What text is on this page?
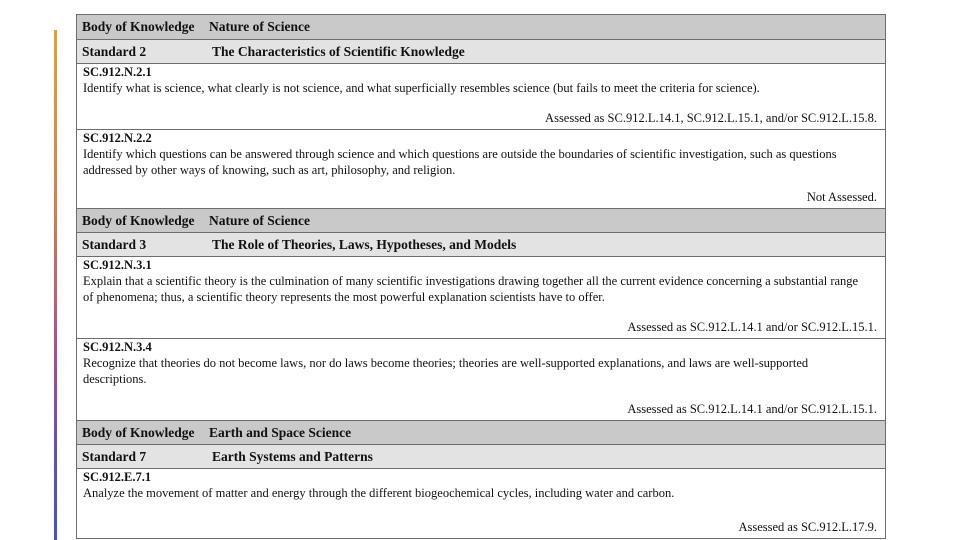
Body of Knowledge Nature of Science
Standard 2	The Characteristics of Scientific Knowledge
SC.912.N.2.1
Identify what is science, what clearly is not science, and what superficially resembles science (but fails to meet the criteria for science).
Assessed as SC.912.L.14.1, SC.912.L.15.1, and/or SC.912.L.15.8.
SC.912.N.2.2
Identify which questions can be answered through science and which questions are outside the boundaries of scientific investigation, such as questions addressed by other ways of knowing, such as art, philosophy, and religion.
Not Assessed.
Body of Knowledge Nature of Science
Standard 3	The Role of Theories, Laws, Hypotheses, and Models
SC.912.N.3.1
Explain that a scientific theory is the culmination of many scientific investigations drawing together all the current evidence concerning a substantial range of phenomena; thus, a scientific theory represents the most powerful explanation scientists have to offer.
Assessed as SC.912.L.14.1 and/or SC.912.L.15.1.
SC.912.N.3.4
Recognize that theories do not become laws, nor do laws become theories; theories are well-supported explanations, and laws are well-supported descriptions.
Assessed as SC.912.L.14.1 and/or SC.912.L.15.1.
Body of Knowledge Earth and Space Science
Standard 7	Earth Systems and Patterns
SC.912.E.7.1
Analyze the movement of matter and energy through the different biogeochemical cycles, including water and carbon.
Assessed as SC.912.L.17.9.
